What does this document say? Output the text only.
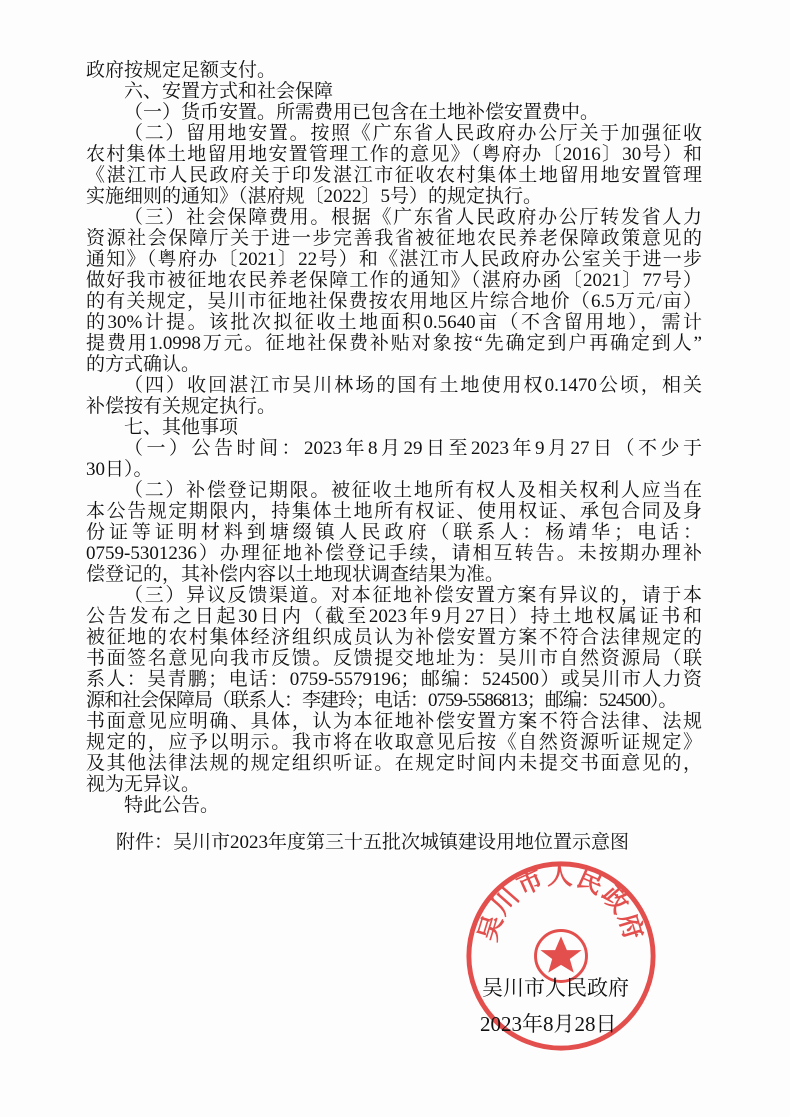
政府按规定足额支付。
六、安置方式和社会保障
（一）货币安置。所需费用已包含在土地补偿安置费中。
（二）留用地安置。按照《广东省人民政府办公厅关于加强征收
农村集体土地留用地安置管理工作的意见》（粤府办〔2016〕30号）和
《湛江市人民政府关于印发湛江市征收农村集体土地留用地安置管理
实施细则的通知》（湛府规〔2022〕5号）的规定执行。
（三）社会保障费用。根据《广东省人民政府办公厅转发省人力
资源社会保障厅关于进一步完善我省被征地农民养老保障政策意见的
通知》（粤府办〔2021〕22号）和《湛江市人民政府办公室关于进一步
做好我市被征地农民养老保障工作的通知》（湛府办函〔2021〕77号）
的有关规定，吴川市征地社保费按农用地区片综合地价（6.5万元/亩）
的30%计提。该批次拟征收土地面积0.5640亩（不含留用地），需计
提费用1.0998万元。征地社保费补贴对象按“先确定到户再确定到人”
的方式确认。
（四）收回湛江市吴川林场的国有土地使用权0.1470公顷，相关
补偿按有关规定执行。
七、其他事项
（一）公告时间：2023年8月29日至2023年9月27日（不少于
30日）。
（二）补偿登记期限。被征收土地所有权人及相关权利人应当在
本公告规定期限内，持集体土地所有权证、使用权证、承包合同及身
份证等证明材料到塘缀镇人民政府（联系人：杨靖华；电话：
0759-5301236）办理征地补偿登记手续，请相互转告。未按期办理补
偿登记的，其补偿内容以土地现状调查结果为准。
（三）异议反馈渠道。对本征地补偿安置方案有异议的，请于本
公告发布之日起30日内（截至2023年9月27日）持土地权属证书和
被征地的农村集体经济组织成员认为补偿安置方案不符合法律规定的
书面签名意见向我市反馈。反馈提交地址为：吴川市自然资源局（联
系人：吴青鹏；电话：0759-5579196；邮编：524500）或吴川市人力资
源和社会保障局（联系人：李建玲；电话：0759-5586813；邮编：524500）。
书面意见应明确、具体，认为本征地补偿安置方案不符合法律、法规
规定的，应予以明示。我市将在收取意见后按《自然资源听证规定》
及其他法律法规的规定组织听证。在规定时间内未提交书面意见的，
视为无异议。
特此公告。
附件：吴川市2023年度第三十五批次城镇建设用地位置示意图
吴川市人民政府
吴川市人民政府
2023年8月28日
